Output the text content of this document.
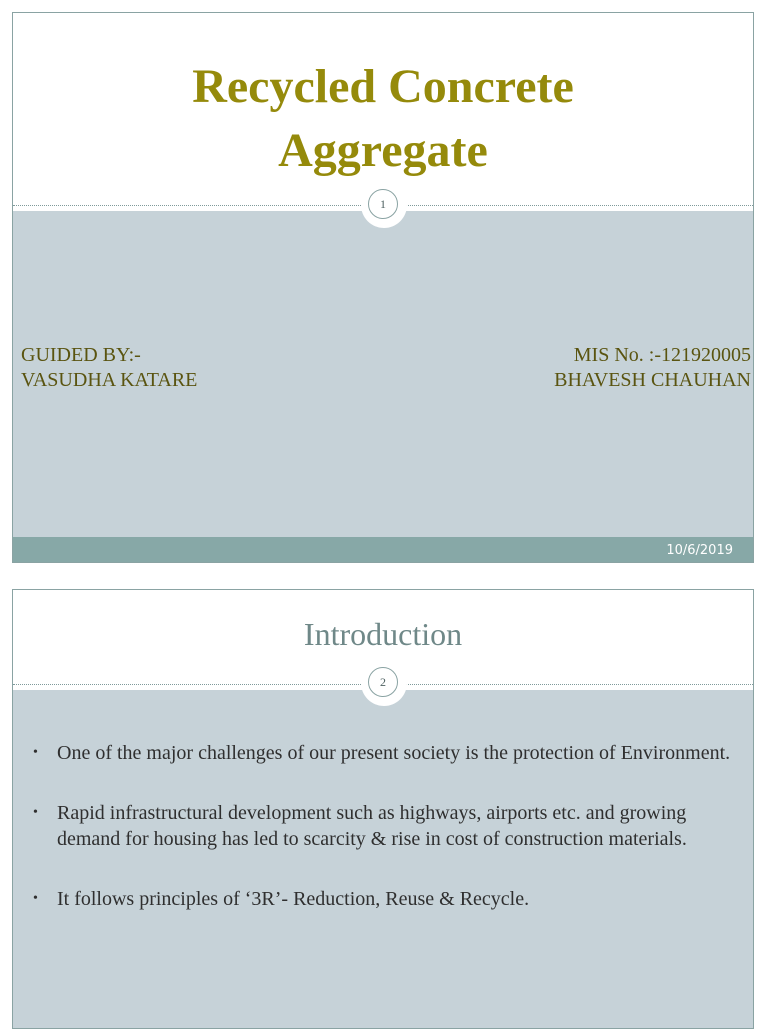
Recycled Concrete
Aggregate
1
GUIDED BY:-
VASUDHA KATARE
MIS No. :-121920005
BHAVESH CHAUHAN
10/6/2019
Introduction
2
• One of the major challenges of our present society is the protection of Environment.
• Rapid infrastructural development such as highways, airports etc. and growing demand for housing has led to scarcity & rise in cost of construction materials.
• It follows principles of ‘3R’- Reduction, Reuse & Recycle.
